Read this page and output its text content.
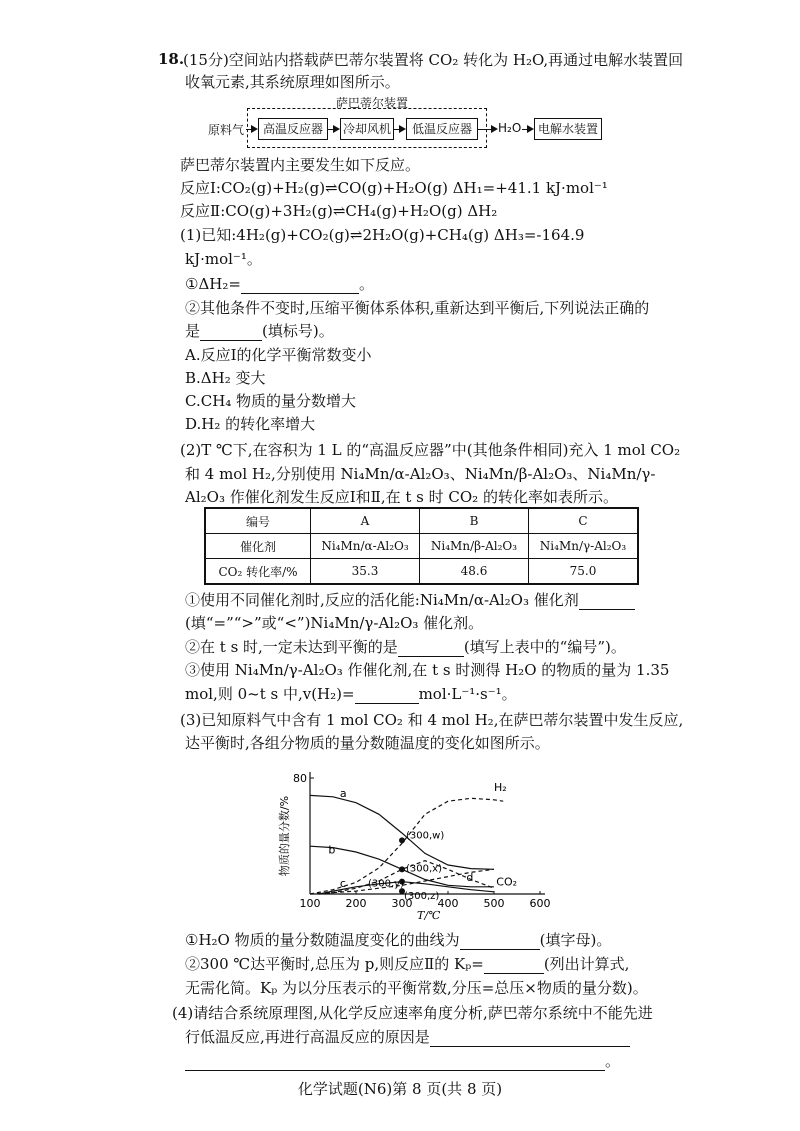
18.
(15分)空间站内搭载萨巴蒂尔装置将 CO₂ 转化为 H₂O,再通过电解水装置回
收氧元素,其系统原理如图所示。
萨巴蒂尔装置
原料气	高温反应器	冷却风机	低温反应器	H₂O	电解水装置
萨巴蒂尔装置内主要发生如下反应。
反应Ⅰ:CO₂(g)+H₂(g)⇌CO(g)+H₂O(g) ΔH₁=+41.1 kJ·mol⁻¹
反应Ⅱ:CO(g)+3H₂(g)⇌CH₄(g)+H₂O(g) ΔH₂
(1)已知:4H₂(g)+CO₂(g)⇌2H₂O(g)+CH₄(g) ΔH₃=-164.9
kJ·mol⁻¹。
①ΔH₂=	。
②其他条件不变时,压缩平衡体系体积,重新达到平衡后,下列说法正确的
是	(填标号)。
A.反应Ⅰ的化学平衡常数变小
B.ΔH₂ 变大
C.CH₄ 物质的量分数增大
D.H₂ 的转化率增大
(2)T ℃下,在容积为 1 L 的“高温反应器”中(其他条件相同)充入 1 mol CO₂
和 4 mol H₂,分别使用 Ni₄Mn/α-Al₂O₃、Ni₄Mn/β-Al₂O₃、Ni₄Mn/γ-
Al₂O₃ 作催化剂发生反应Ⅰ和Ⅱ,在 t s 时 CO₂ 的转化率如表所示。
编号	A	B	C
催化剂	Ni₄Mn/α-Al₂O₃	Ni₄Mn/β-Al₂O₃	Ni₄Mn/γ-Al₂O₃
CO₂ 转化率/%	35.3	48.6	75.0
①使用不同催化剂时,反应的活化能:Ni₄Mn/α-Al₂O₃ 催化剂
(填“=”“>”或“<”)Ni₄Mn/γ-Al₂O₃ 催化剂。
②在 t s 时,一定未达到平衡的是	(填写上表中的“编号”)。
③使用 Ni₄Mn/γ-Al₂O₃ 作催化剂,在 t s 时测得 H₂O 的物质的量为 1.35
mol,则 0~t s 中,v(H₂)=	mol·L⁻¹·s⁻¹。
(3)已知原料气中含有 1 mol CO₂ 和 4 mol H₂,在萨巴蒂尔装置中发生反应,
达平衡时,各组分物质的量分数随温度的变化如图所示。
100 200 300 400 500 600
80
T/℃
物质的量分数/%
a
b
c	d CO₂
H₂
(300,w)
(300,x)
(300,y)
(300,z)
①H₂O 物质的量分数随温度变化的曲线为	(填字母)。
②300 ℃达平衡时,总压为 p,则反应Ⅱ的 Kₚ=	(列出计算式,
无需化简。Kₚ 为以分压表示的平衡常数,分压=总压×物质的量分数)。
(4)请结合系统原理图,从化学反应速率角度分析,萨巴蒂尔系统中不能先进
行低温反应,再进行高温反应的原因是
。
化学试题(N6)第 8 页(共 8 页)
